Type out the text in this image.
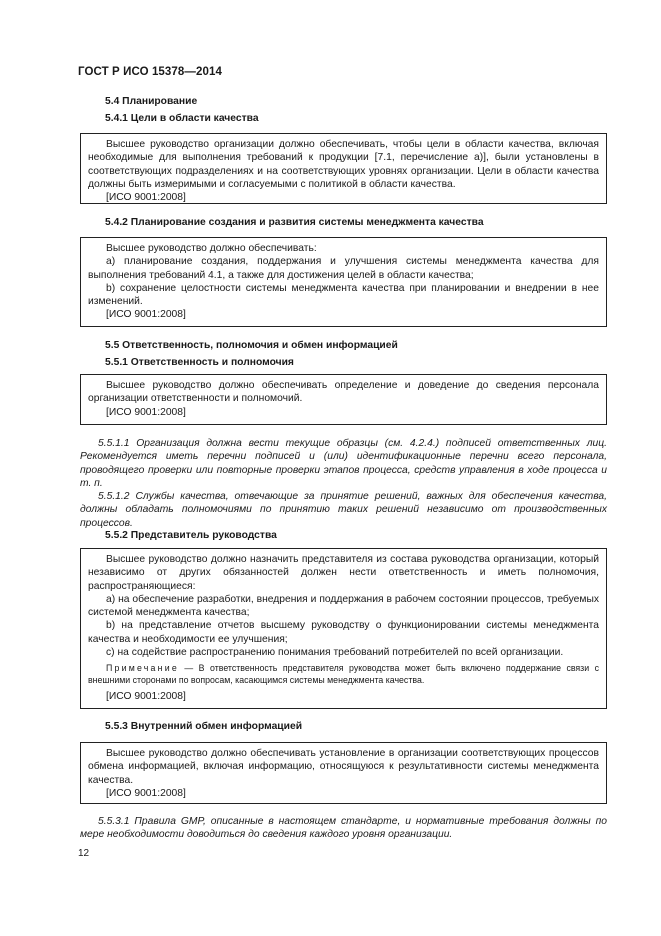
ГОСТ Р ИСО 15378—2014
5.4 Планирование
5.4.1 Цели в области качества

Высшее руководство организации должно обеспечивать, чтобы цели в области качества, включая необходимые для выполнения требований к продукции [7.1, перечисление a)], были установлены в соответствующих подразделениях и на соответствующих уровнях организации. Цели в области качества должны быть измеримыми и согласуемыми с политикой в области качества.

[ИСО 9001:2008]
5.4.2 Планирование создания и развития системы менеджмента качества

Высшее руководство должно обеспечивать:

a) планирование создания, поддержания и улучшения системы менеджмента качества для выполнения требований 4.1, а также для достижения целей в области качества;

b) сохранение целостности системы менеджмента качества при планировании и внедрении в нее изменений.

[ИСО 9001:2008]
5.5 Ответственность, полномочия и обмен информацией
5.5.1 Ответственность и полномочия

Высшее руководство должно обеспечивать определение и доведение до сведения персонала организации ответственности и полномочий.

[ИСО 9001:2008]

5.5.1.1 Организация должна вести текущие образцы (см. 4.2.4.) подписей ответственных лиц. Рекомендуется иметь перечни подписей и (или) идентификационные перечни всего персонала, проводящего проверки или повторные проверки этапов процесса, средств управления в ходе процесса и т. п.

5.5.1.2 Службы качества, отвечающие за принятие решений, важных для обеспечения качества, должны обладать полномочиями по принятию таких решений независимо от производственных процессов.

5.5.2 Представитель руководства

Высшее руководство должно назначить представителя из состава руководства организации, который независимо от других обязанностей должен нести ответственность и иметь полномочия, распространяющиеся:

a) на обеспечение разработки, внедрения и поддержания в рабочем состоянии процессов, требуемых системой менеджмента качества;

b) на представление отчетов высшему руководству о функционировании системы менеджмента качества и необходимости ее улучшения;

c) на содействие распространению понимания требований потребителей по всей организации.

Примечание — В ответственность представителя руководства может быть включено поддержание связи с внешними сторонами по вопросам, касающимся системы менеджмента качества.

[ИСО 9001:2008]
5.5.3 Внутренний обмен информацией

Высшее руководство должно обеспечивать установление в организации соответствующих процессов обмена информацией, включая информацию, относящуюся к результативности системы менеджмента качества.

[ИСО 9001:2008]

5.5.3.1 Правила GMP, описанные в настоящем стандарте, и нормативные требования должны по мере необходимости доводиться до сведения каждого уровня организации.

12
